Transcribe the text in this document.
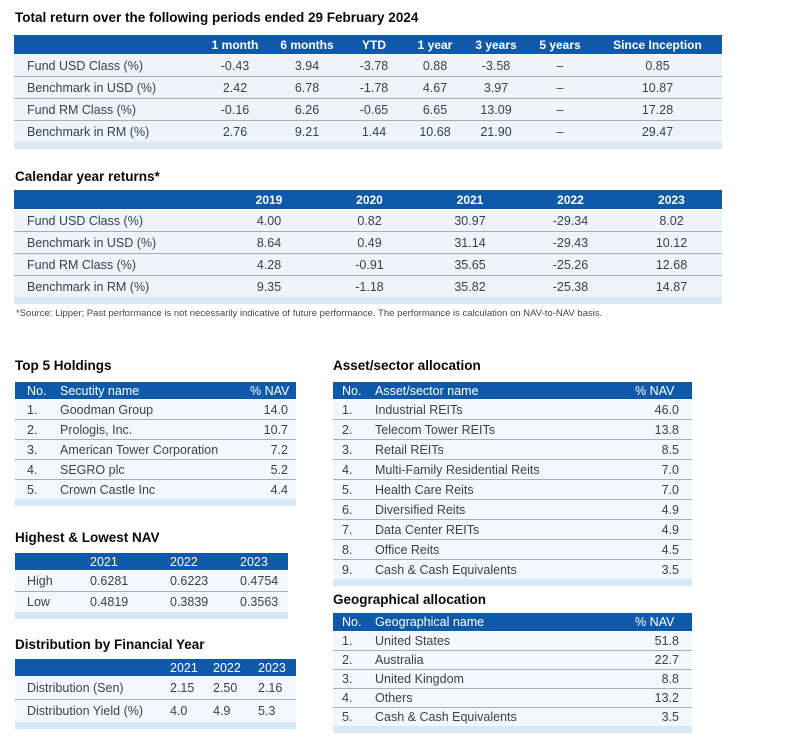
Total return over the following periods ended 29 February 2024
	1 month	6 months	YTD	1 year	3 years	5 years	Since Inception
Fund USD Class (%)	-0.43	3.94	-3.78	0.88	-3.58	–	0.85
Benchmark in USD (%)	2.42	6.78	-1.78	4.67	3.97	–	10.87
Fund RM Class (%)	-0.16	6.26	-0.65	6.65	13.09	–	17.28
Benchmark in RM (%)	2.76	9.21	1.44	10.68	21.90	–	29.47
Calendar year returns*
	2019	2020	2021	2022	2023
Fund USD Class (%)	4.00	0.82	30.97	-29.34	8.02
Benchmark in USD (%)	8.64	0.49	31.14	-29.43	10.12
Fund RM Class (%)	4.28	-0.91	35.65	-25.26	12.68
Benchmark in RM (%)	9.35	-1.18	35.82	-25.38	14.87
*Source: Lipper; Past performance is not necessarily indicative of future performance. The performance is calculation on NAV-to-NAV basis.
Top 5 Holdings
No.	Secutity name	% NAV
1.	Goodman Group	14.0
2.	Prologis, Inc.	10.7
3.	American Tower Corporation	7.2
4.	SEGRO plc	5.2
5.	Crown Castle Inc	4.4
Highest & Lowest NAV
	2021	2022	2023
High	0.6281	0.6223	0.4754
Low	0.4819	0.3839	0.3563
Distribution by Financial Year
	2021	2022	2023
Distribution (Sen)	2.15	2.50	2.16
Distribution Yield (%)	4.0	4.9	5.3
Asset/sector allocation
No.	Asset/sector name	% NAV
1.	Industrial REITs	46.0
2.	Telecom Tower REITs	13.8
3.	Retail REITs	8.5
4.	Multi-Family Residential Reits	7.0
5.	Health Care Reits	7.0
6.	Diversified Reits	4.9
7.	Data Center REITs	4.9
8.	Office Reits	4.5
9.	Cash & Cash Equivalents	3.5
Geographical allocation
No.	Geographical name	% NAV
1.	United States	51.8
2.	Australia	22.7
3.	United Kingdom	8.8
4.	Others	13.2
5.	Cash & Cash Equivalents	3.5
